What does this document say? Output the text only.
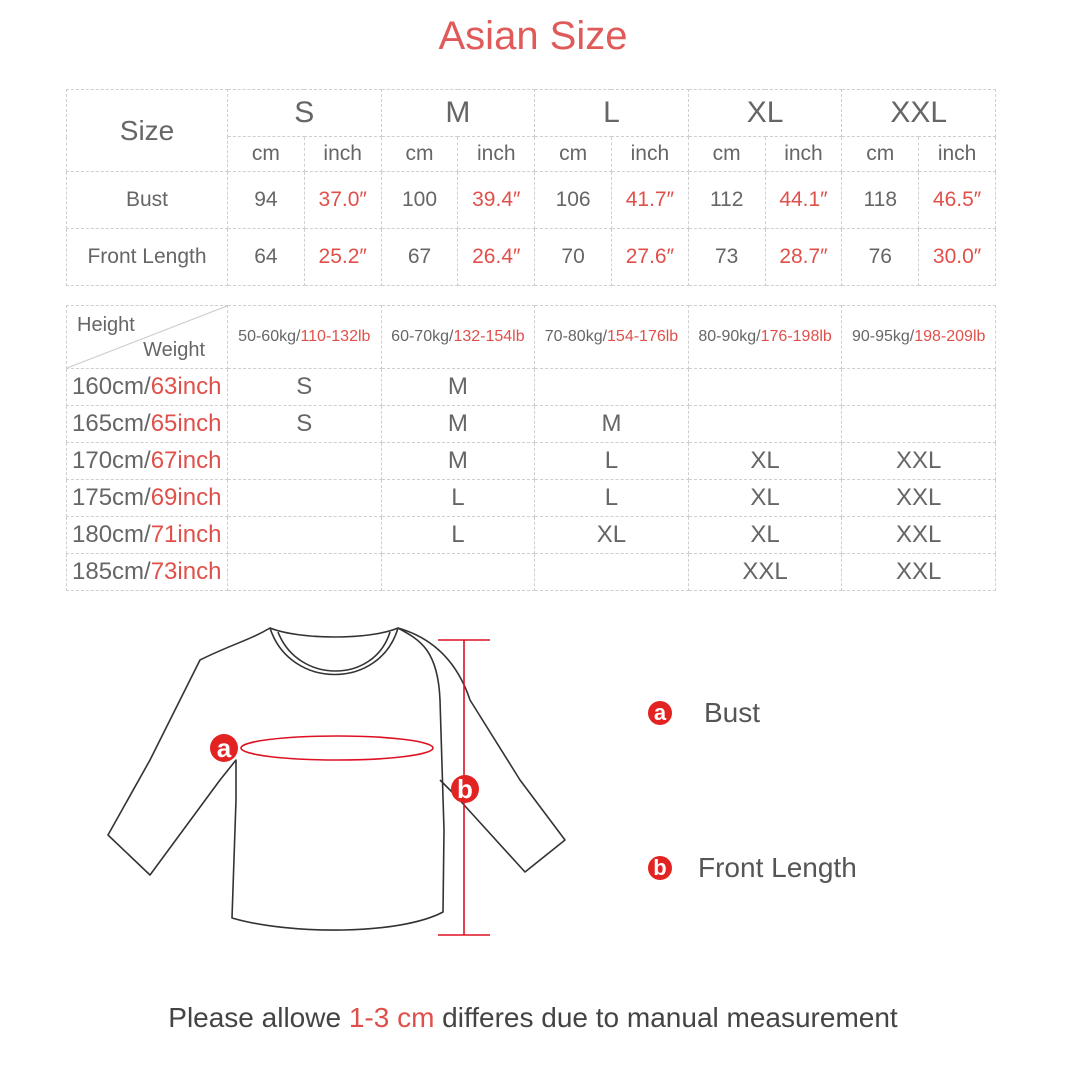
Asian Size
Size	S		M		L		XL		XXL	
	cm	inch	cm	inch	cm	inch	cm	inch	cm	inch
Bust	94	37.0″	100	39.4″	106	41.7″	112	44.1″	118	46.5″
Front Length	64	25.2″	67	26.4″	70	27.6″	73	28.7″	76	30.0″
Height
Weight	50-60kg/110-132lb	60-70kg/132-154lb	70-80kg/154-176lb	80-90kg/176-198lb	90-95kg/198-209lb
160cm/63inch	S	M			
165cm/65inch	S	M	M		
170cm/67inch		M	L	XL	XXL
175cm/69inch		L	L	XL	XXL
180cm/71inch		L	XL	XL	XXL
185cm/73inch				XXL	XXL
a
b
a Bust
b Front Length
Please allowe 1-3 cm differes due to manual measurement
